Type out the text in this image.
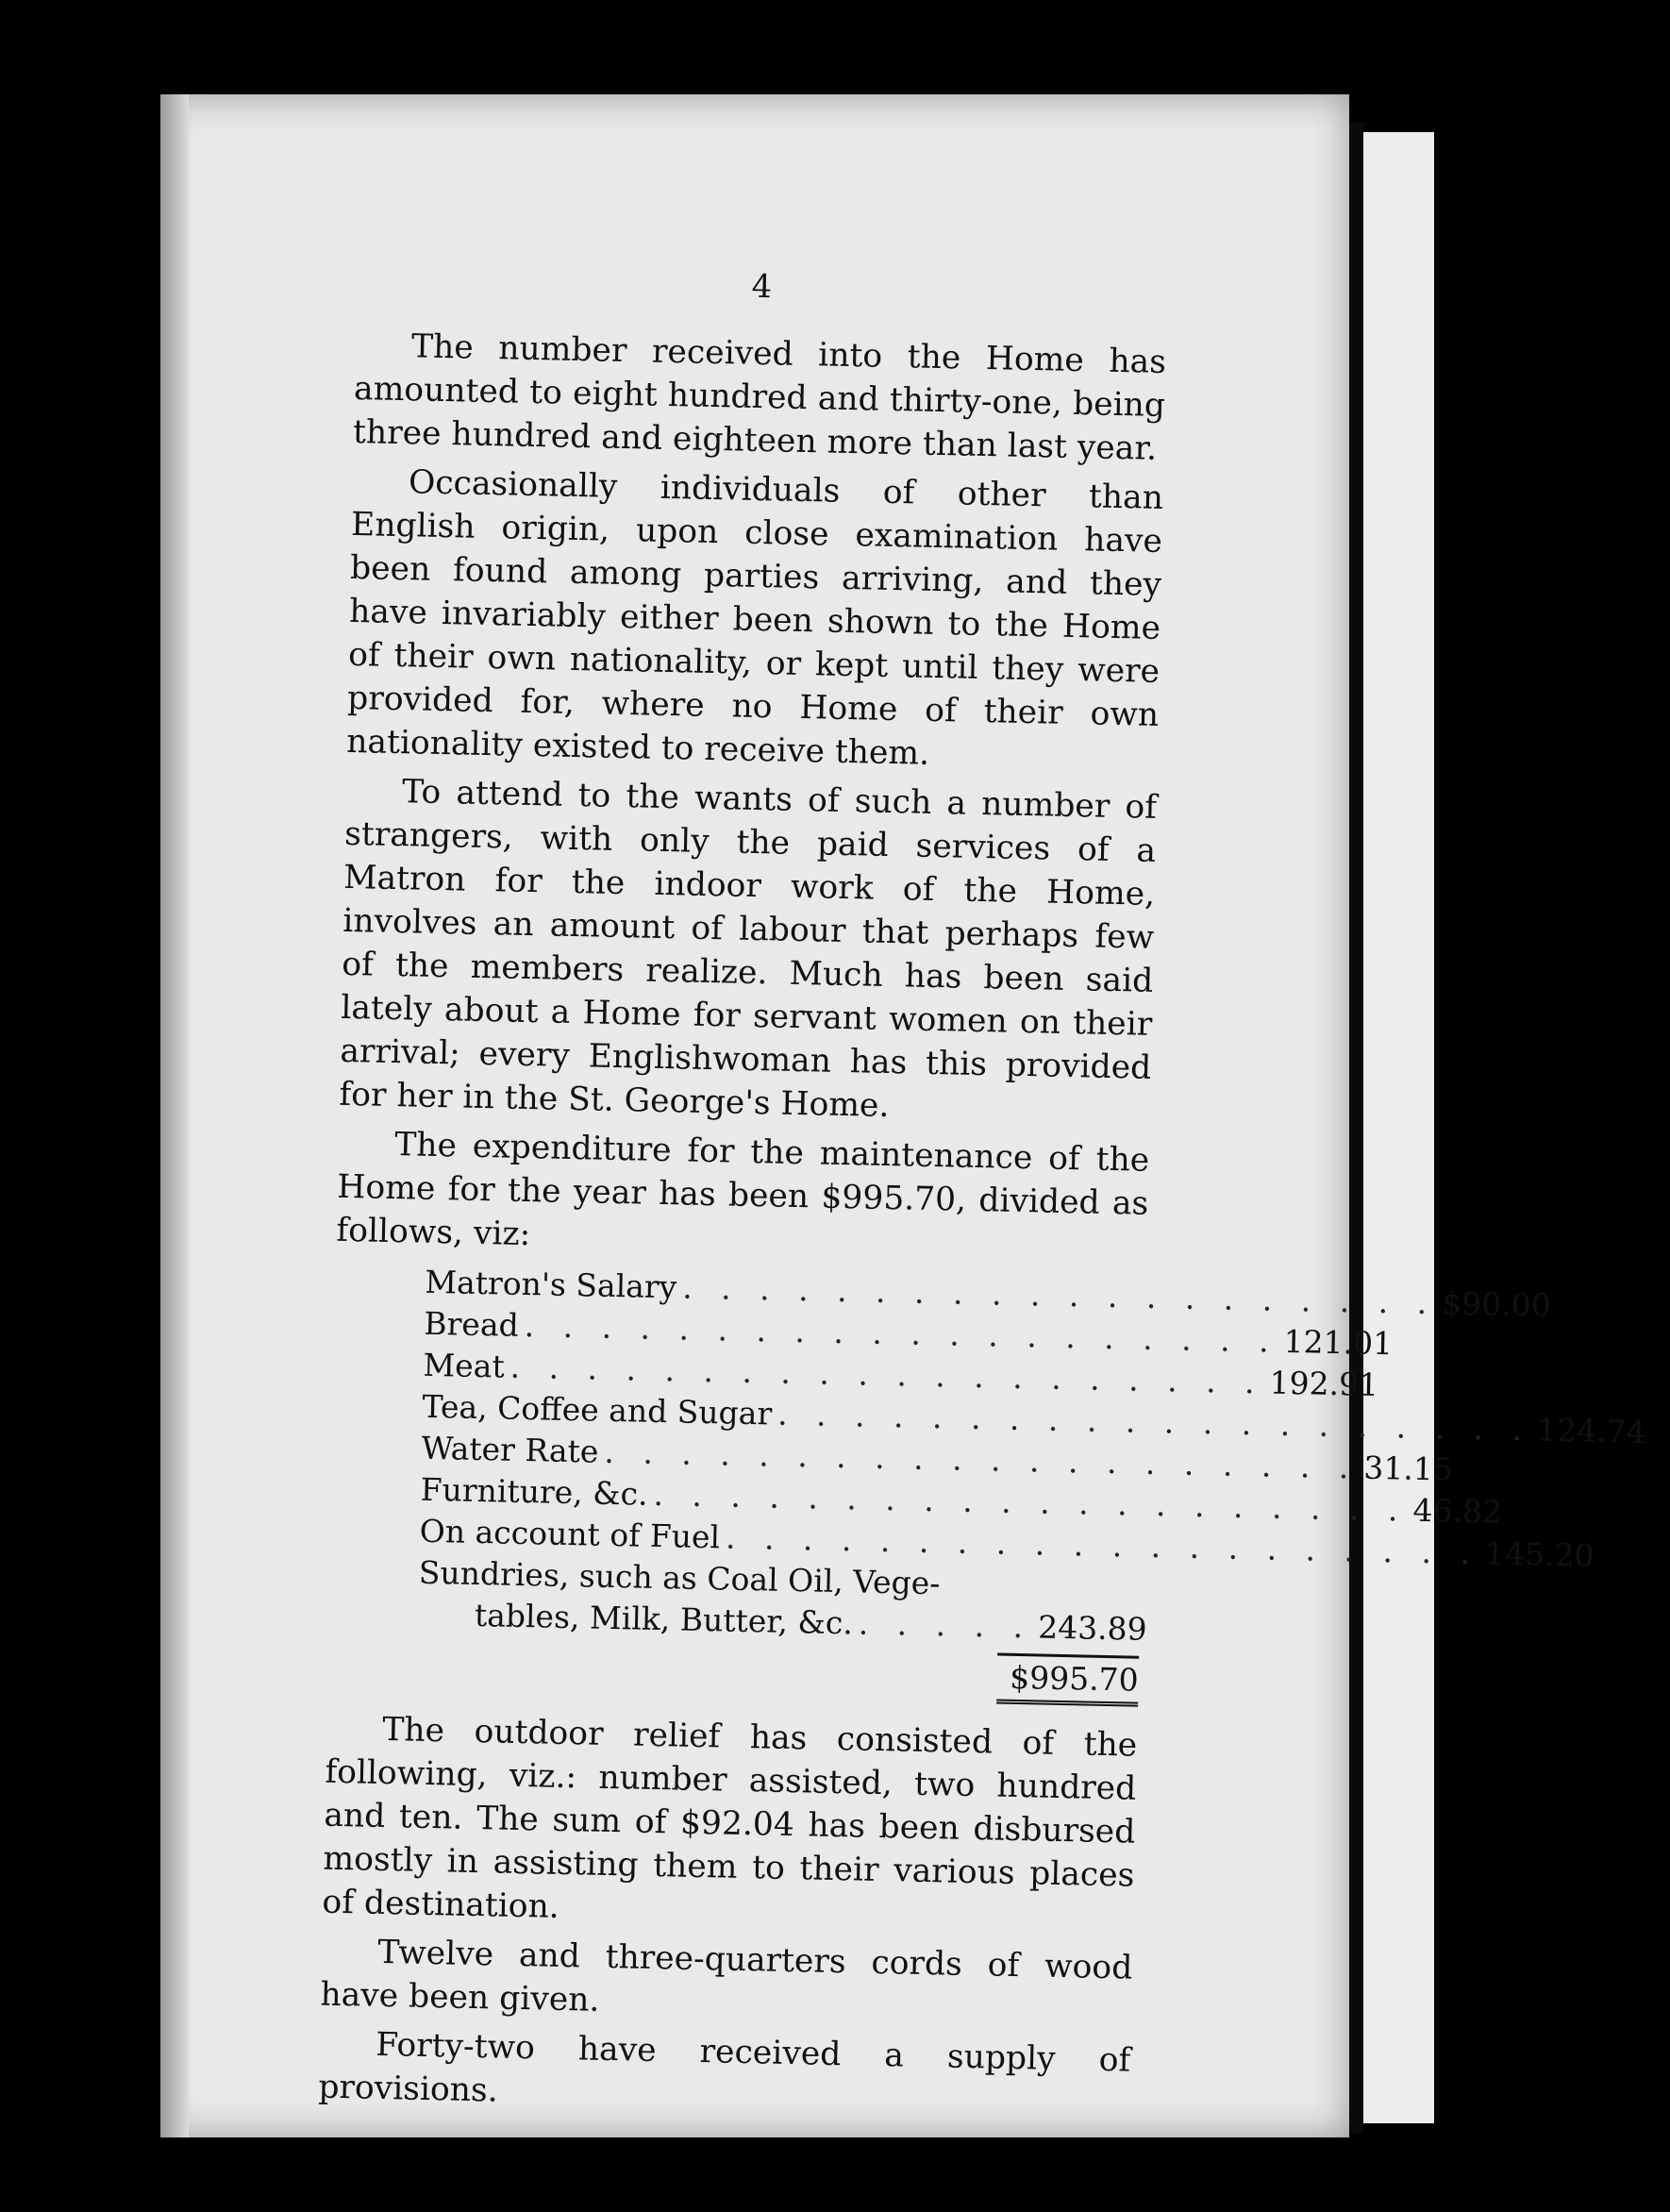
4

The number received into the Home has amounted to eight hundred and thirty-one, being three hundred and eighteen more than last year.

Occasionally individuals of other than English origin, upon close examination have been found among parties arriving, and they have invariably either been shown to the Home of their own nationality, or kept until they were provided for, where no Home of their own nationality existed to receive them.

To attend to the wants of such a number of strangers, with only the paid services of a Matron for the indoor work of the Home, involves an amount of labour that perhaps few of the members realize. Much has been said lately about a Home for servant women on their arrival; every Englishwoman has this provided for her in the St. George's Home.

The expenditure for the maintenance of the Home for the year has been $995.70, divided as follows, viz:

Matron's Salary . . . . . . . . . . . . . . . . . . . . $90.00
Bread . . . . . . . . . . . . . . . . . . . . 121.01
Meat . . . . . . . . . . . . . . . . . . . . 192.91
Tea, Coffee and Sugar . . . . . . . . . . . . . . . . . . . . 124.74
Water Rate . . . . . . . . . . . . . . . . . . . . 31.15
Furniture, &c. . . . . . . . . . . . . . . . . . . . . 46.82
On account of Fuel . . . . . . . . . . . . . . . . . . . . 145.20
Sundries, such as Coal Oil, Vege-
tables, Milk, Butter, &c. . . . . . 243.89
$995.70

The outdoor relief has consisted of the following, viz.: number assisted, two hundred and ten. The sum of $92.04 has been disbursed mostly in assisting them to their various places of destination.

Twelve and three-quarters cords of wood have been given.

Forty-two have received a supply of provisions.
